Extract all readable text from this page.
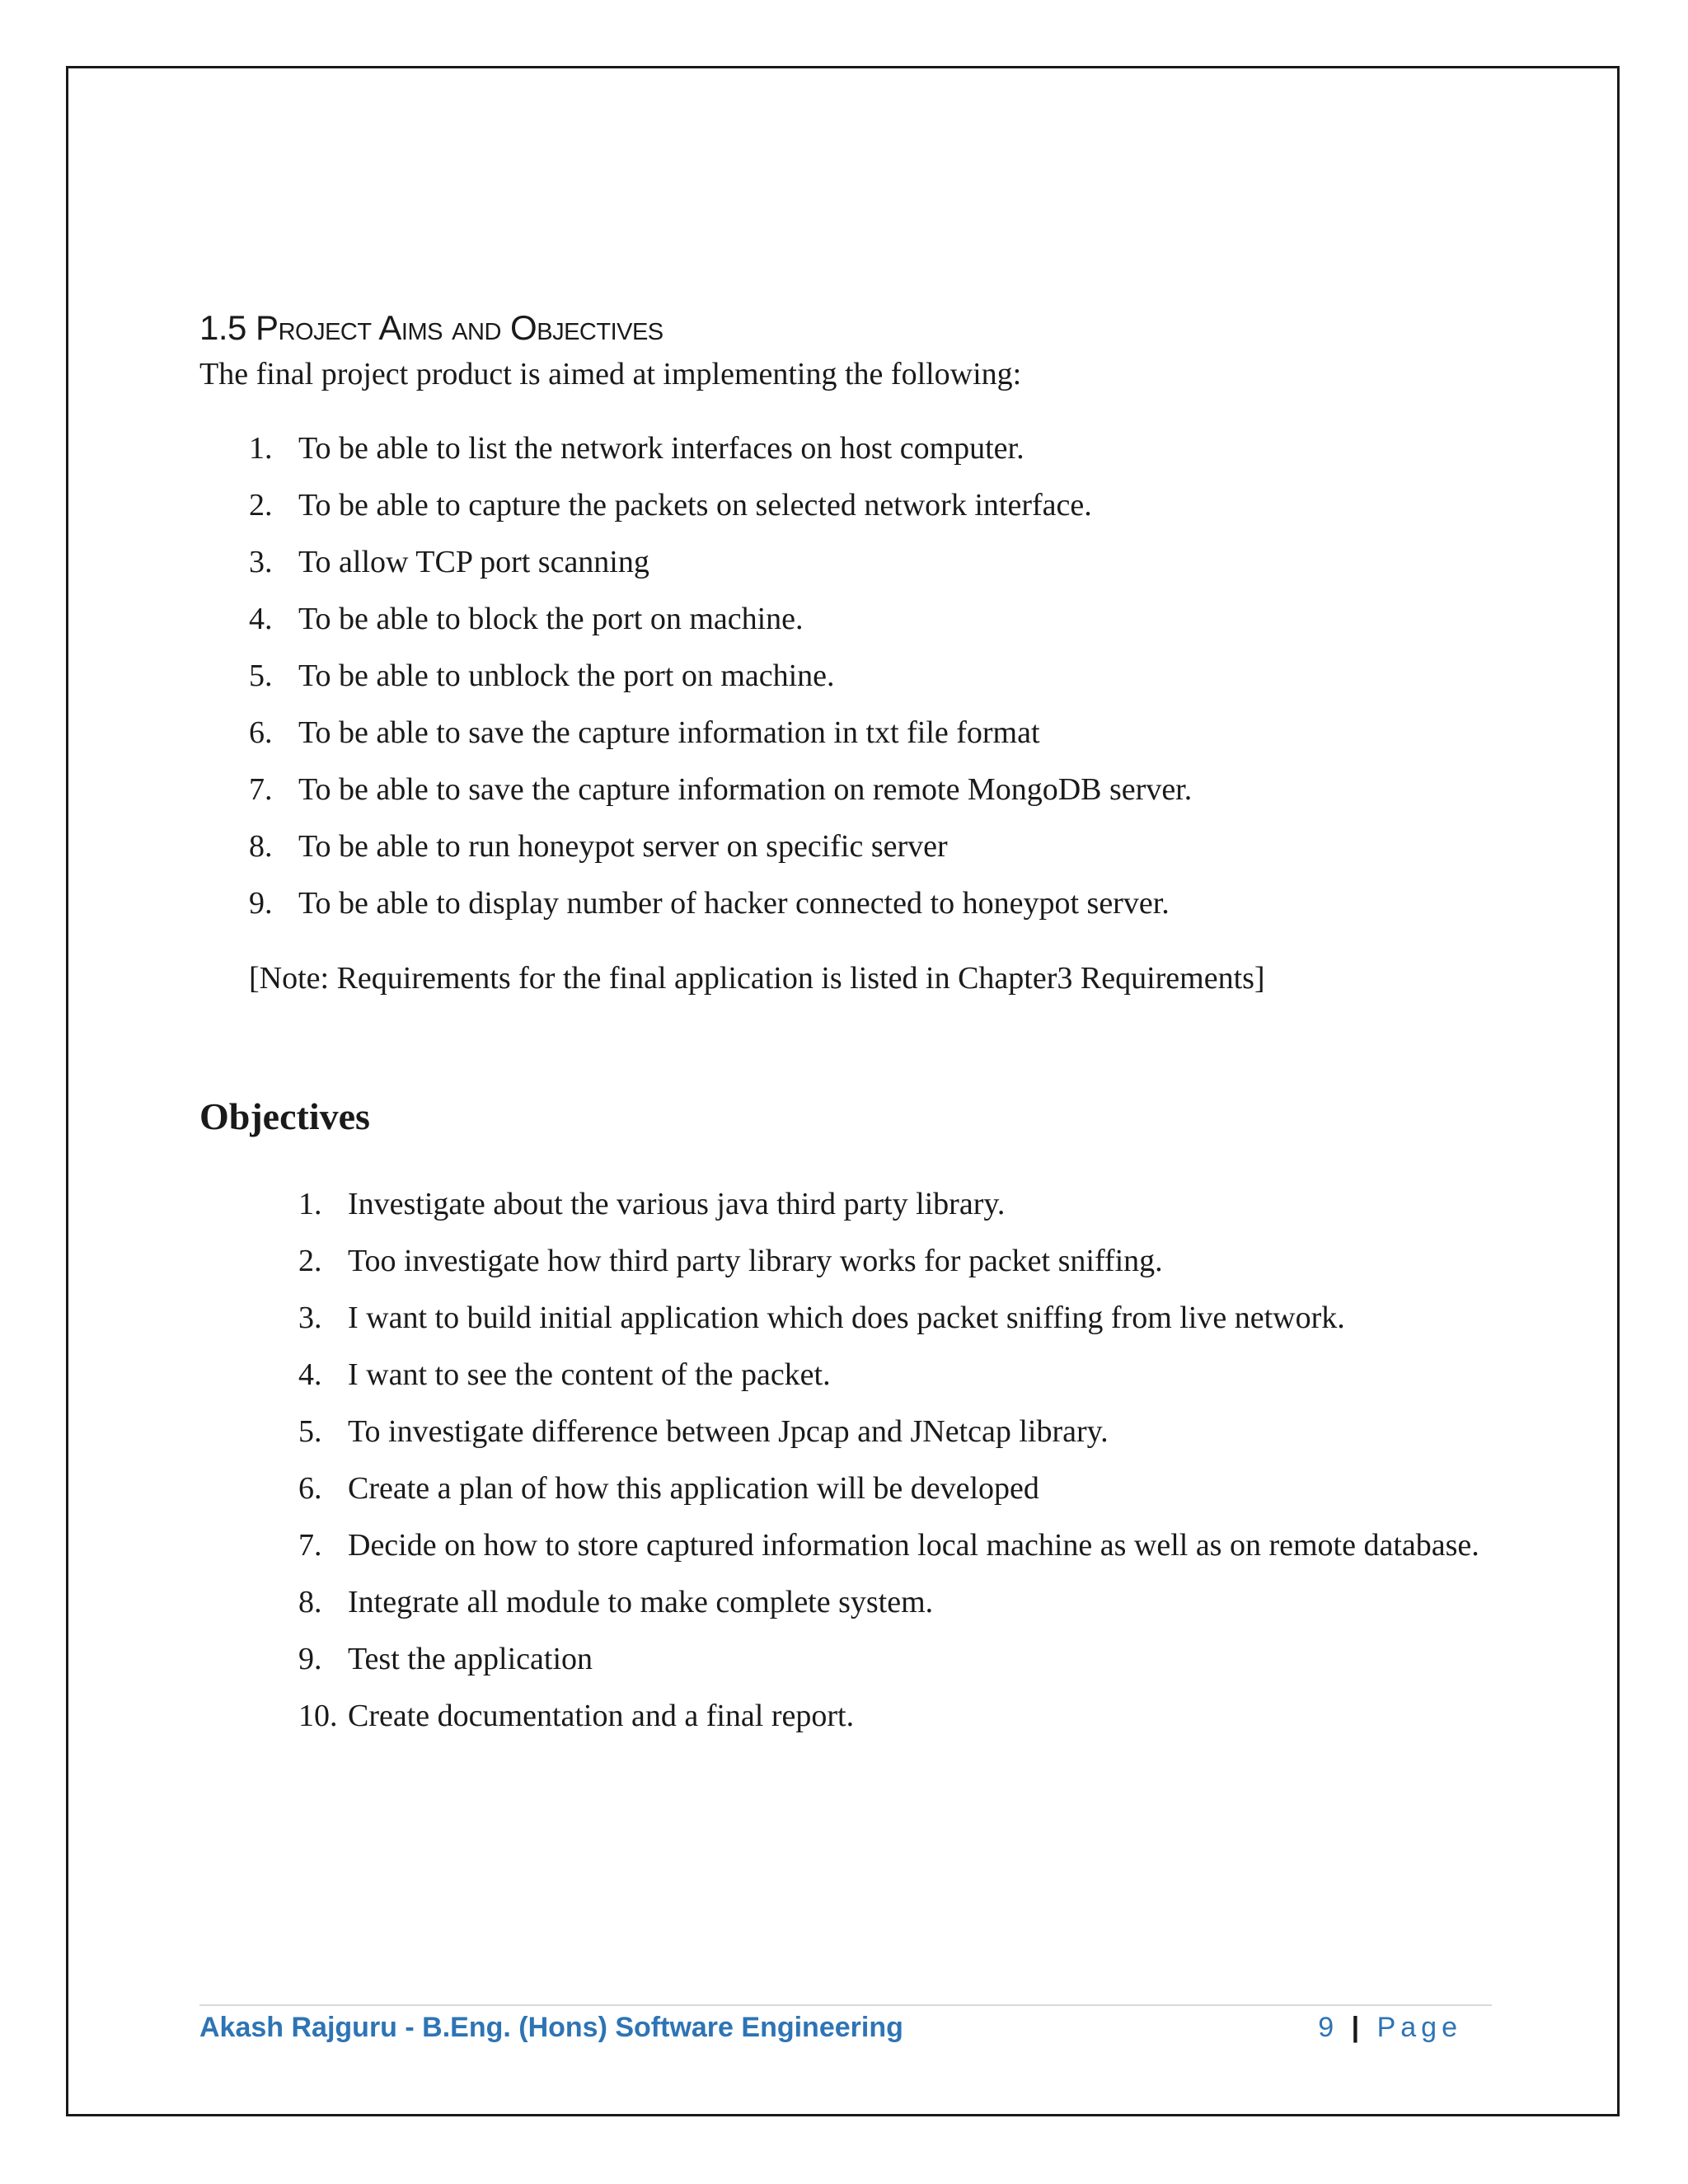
1.5 Project Aims and Objectives

The final project product is aimed at implementing the following:

1. To be able to list the network interfaces on host computer.
2. To be able to capture the packets on selected network interface.
3. To allow TCP port scanning
4. To be able to block the port on machine.
5. To be able to unblock the port on machine.
6. To be able to save the capture information in txt file format
7. To be able to save the capture information on remote MongoDB server.
8. To be able to run honeypot server on specific server
9. To be able to display number of hacker connected to honeypot server.

[Note: Requirements for the final application is listed in Chapter3 Requirements]

Objectives
1. Investigate about the various java third party library.
2. Too investigate how third party library works for packet sniffing.
3. I want to build initial application which does packet sniffing from live network.
4. I want to see the content of the packet.
5. To investigate difference between Jpcap and JNetcap library.
6. Create a plan of how this application will be developed
7. Decide on how to store captured information local machine as well as on remote database.
8. Integrate all module to make complete system.
9. Test the application
10. Create documentation and a final report.
Akash Rajguru - B.Eng. (Hons) Software Engineering	9 | Page
